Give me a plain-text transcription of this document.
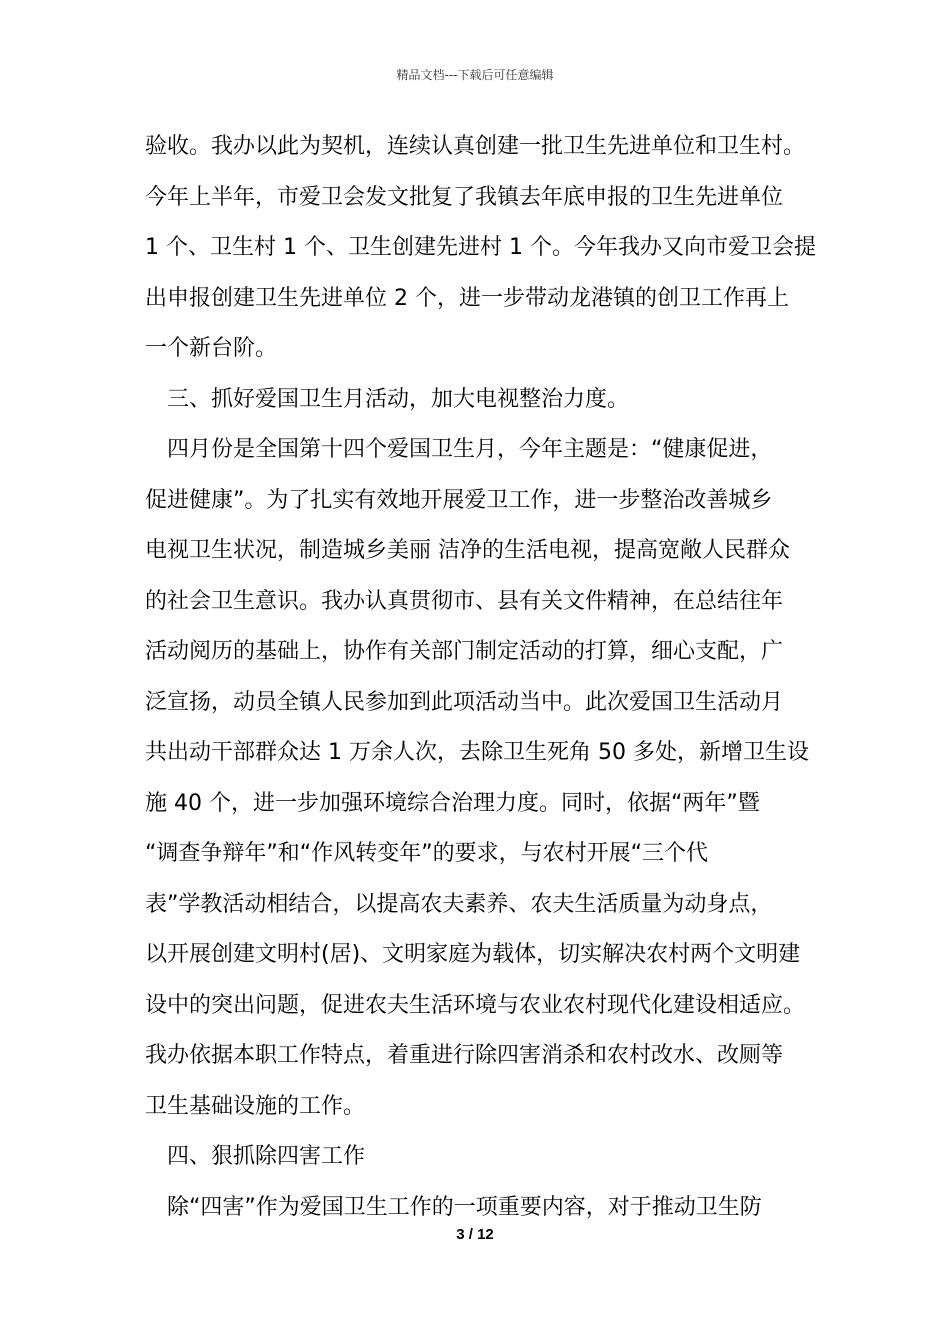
精品文档---下载后可任意编辑
验收。我办以此为契机，连续认真创建一批卫生先进单位和卫生村。
今年上半年，市爱卫会发文批复了我镇去年底申报的卫生先进单位
1 个、卫生村 1 个、卫生创建先进村 1 个。今年我办又向市爱卫会提
出申报创建卫生先进单位 2 个，进一步带动龙港镇的创卫工作再上
一个新台阶。
三、抓好爱国卫生月活动，加大电视整治力度。
四月份是全国第十四个爱国卫生月，今年主题是：“健康促进，
促进健康”。为了扎实有效地开展爱卫工作，进一步整治改善城乡
电视卫生状况，制造城乡美丽 洁净的生活电视，提高宽敞人民群众
的社会卫生意识。我办认真贯彻市、县有关文件精神，在总结往年
活动阅历的基础上，协作有关部门制定活动的打算，细心支配，广
泛宣扬，动员全镇人民参加到此项活动当中。此次爱国卫生活动月
共出动干部群众达 1 万余人次，去除卫生死角 50 多处，新增卫生设
施 40 个，进一步加强环境综合治理力度。同时，依据“两年”暨
“调查争辩年”和“作风转变年”的要求，与农村开展“三个代
表”学教活动相结合，以提高农夫素养、农夫生活质量为动身点，
以开展创建文明村(居)、文明家庭为载体，切实解决农村两个文明建
设中的突出问题，促进农夫生活环境与农业农村现代化建设相适应。
我办依据本职工作特点，着重进行除四害消杀和农村改水、改厕等
卫生基础设施的工作。
四、狠抓除四害工作
除“四害”作为爱国卫生工作的一项重要内容，对于推动卫生防
3 / 12
